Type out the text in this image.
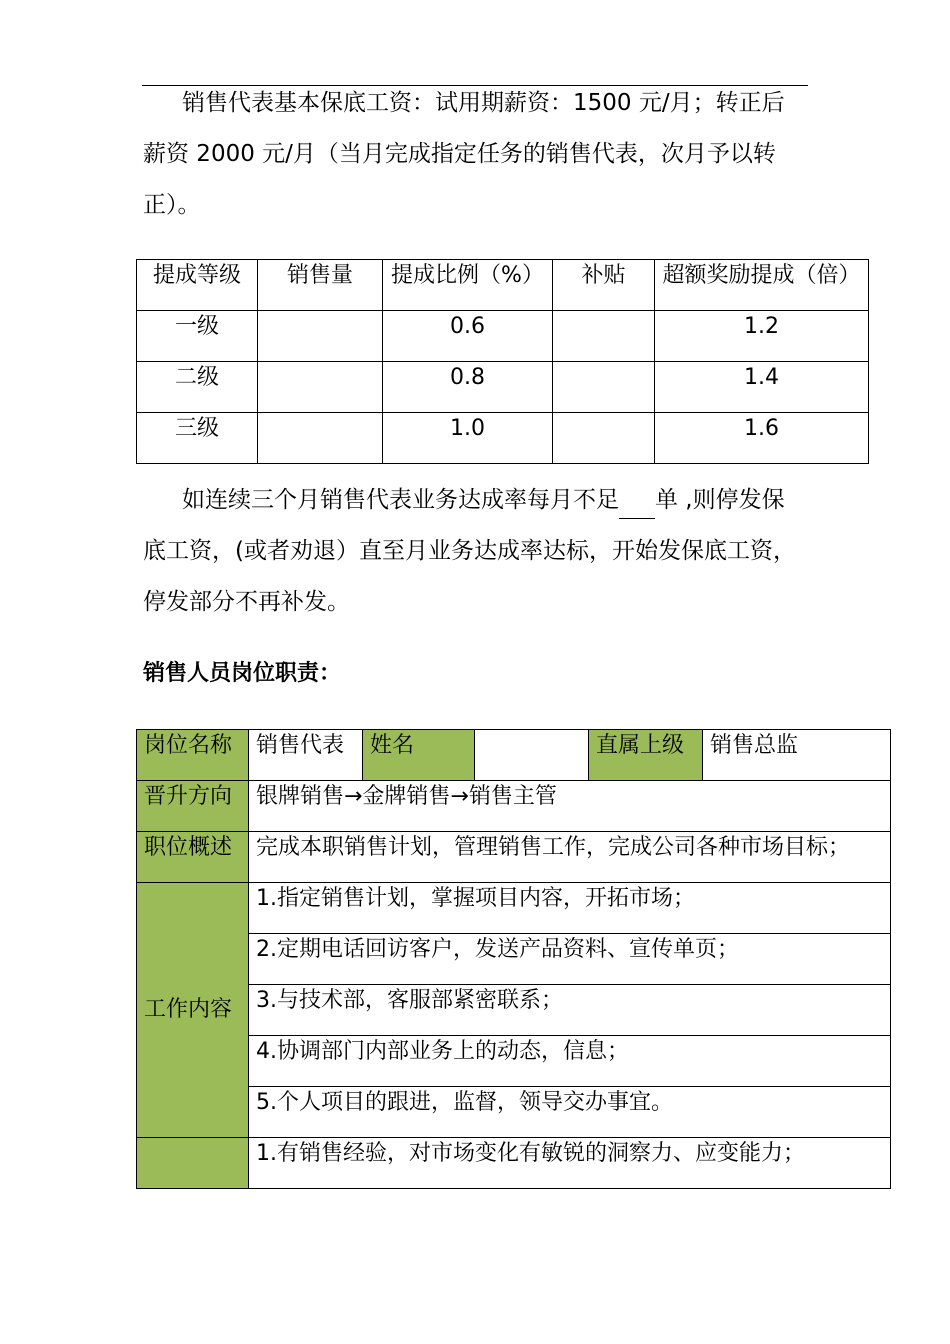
销售代表基本保底工资：试用期薪资：1500 元/月；转正后
薪资 2000 元/月（当月完成指定任务的销售代表，次月予以转
正）。

提成等级	销售量	提成比例（%）	补贴	超额奖励提成（倍）
一级		0.6		1.2
二级		0.8		1.4
三级		1.0		1.6

如连续三个月销售代表业务达成率每月不足 单 ,则停发保
底工资，(或者劝退）直至月业务达成率达标，开始发保底工资，
停发部分不再补发。

销售人员岗位职责：

岗位名称	销售代表	姓名		直属上级	销售总监
晋升方向	银牌销售→金牌销售→销售主管				
职位概述	完成本职销售计划，管理销售工作，完成公司各种市场目标；				
工作内容	1.指定销售计划，掌握项目内容，开拓市场；				
	2.定期电话回访客户，发送产品资料、宣传单页；				
	3.与技术部，客服部紧密联系；				
	4.协调部门内部业务上的动态，信息；				
	5.个人项目的跟进，监督，领导交办事宜。				
	1.有销售经验，对市场变化有敏锐的洞察力、应变能力；				
